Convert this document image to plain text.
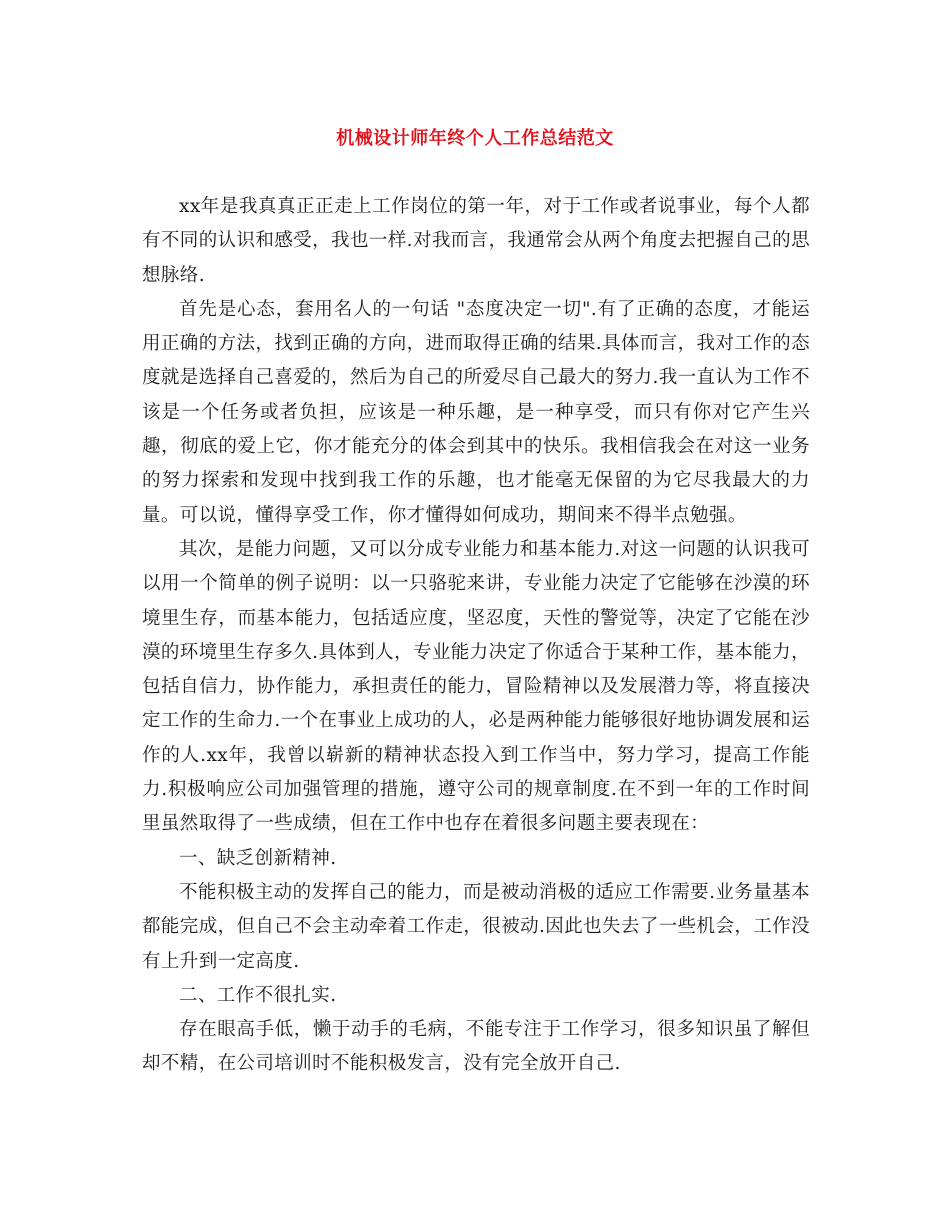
机械设计师年终个人工作总结范文

xx年是我真真正正走上工作岗位的第一年，对于工作或者说事业，每个人都有不同的认识和感受，我也一样.对我而言，我通常会从两个角度去把握自己的思想脉络.

首先是心态，套用名人的一句话 "态度决定一切".有了正确的态度，才能运用正确的方法，找到正确的方向，进而取得正确的结果.具体而言，我对工作的态度就是选择自己喜爱的，然后为自己的所爱尽自己最大的努力.我一直认为工作不该是一个任务或者负担，应该是一种乐趣，是一种享受，而只有你对它产生兴趣，彻底的爱上它，你才能充分的体会到其中的快乐。我相信我会在对这一业务的努力探索和发现中找到我工作的乐趣，也才能毫无保留的为它尽我最大的力量。可以说，懂得享受工作，你才懂得如何成功，期间来不得半点勉强。

其次，是能力问题，又可以分成专业能力和基本能力.对这一问题的认识我可以用一个简单的例子说明：以一只骆驼来讲，专业能力决定了它能够在沙漠的环境里生存，而基本能力，包括适应度，坚忍度，天性的警觉等，决定了它能在沙漠的环境里生存多久.具体到人，专业能力决定了你适合于某种工作，基本能力，包括自信力，协作能力，承担责任的能力，冒险精神以及发展潜力等，将直接决定工作的生命力.一个在事业上成功的人，必是两种能力能够很好地协调发展和运作的人.xx年，我曾以崭新的精神状态投入到工作当中，努力学习，提高工作能力.积极响应公司加强管理的措施，遵守公司的规章制度.在不到一年的工作时间里虽然取得了一些成绩，但在工作中也存在着很多问题主要表现在：

一、缺乏创新精神.

不能积极主动的发挥自己的能力，而是被动消极的适应工作需要.业务量基本都能完成，但自己不会主动牵着工作走，很被动.因此也失去了一些机会，工作没有上升到一定高度.

二、工作不很扎实.

存在眼高手低，懒于动手的毛病，不能专注于工作学习，很多知识虽了解但却不精，在公司培训时不能积极发言，没有完全放开自己.
